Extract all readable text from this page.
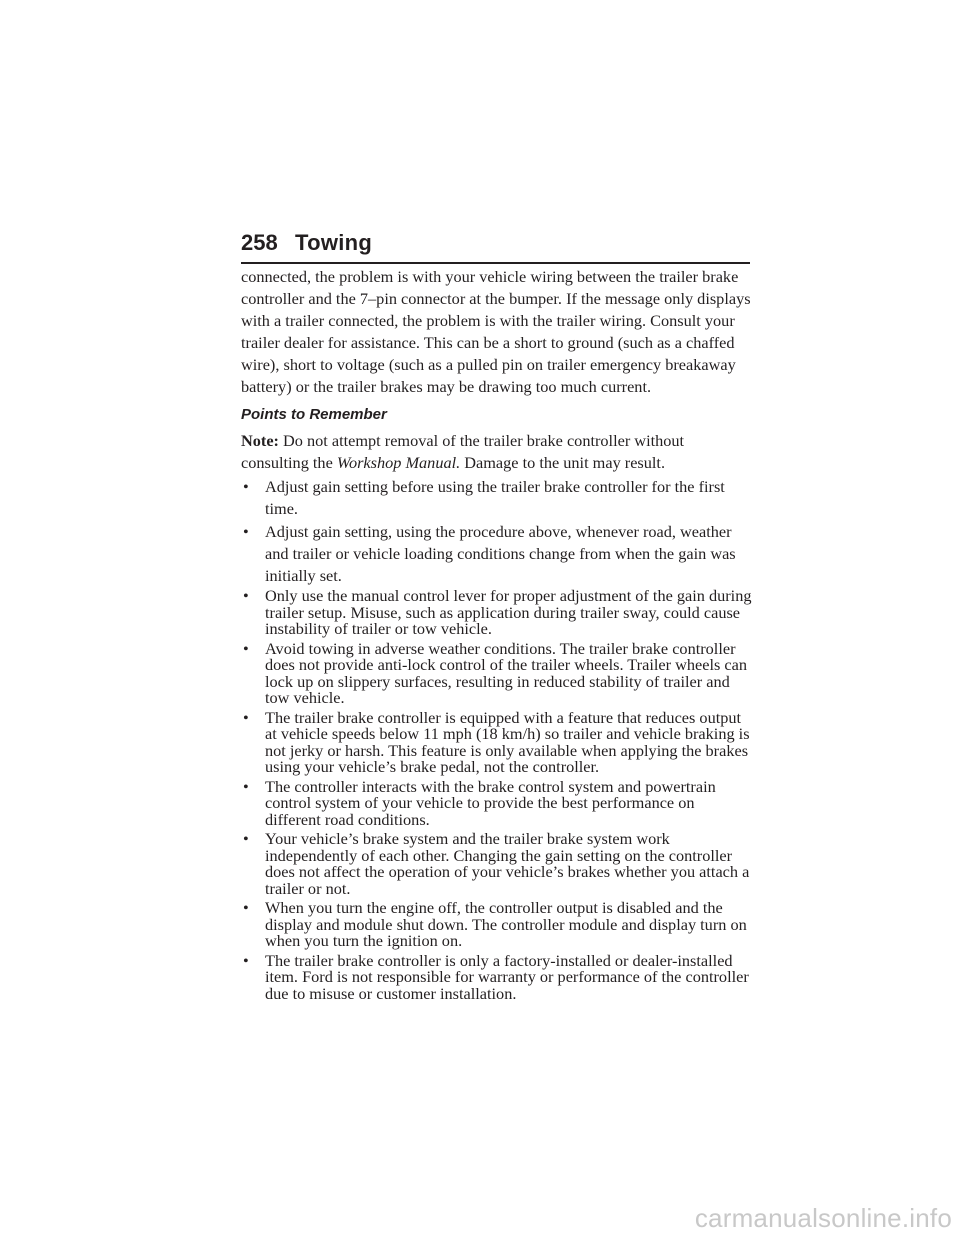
258 Towing

connected, the problem is with your vehicle wiring between the trailer brake controller and the 7–pin connector at the bumper. If the message only displays with a trailer connected, the problem is with the trailer wiring. Consult your trailer dealer for assistance. This can be a short to ground (such as a chaffed wire), short to voltage (such as a pulled pin on trailer emergency breakaway battery) or the trailer brakes may be drawing too much current.

Points to Remember

Note: Do not attempt removal of the trailer brake controller without consulting the Workshop Manual. Damage to the unit may result.

• Adjust gain setting before using the trailer brake controller for the first time.
• Adjust gain setting, using the procedure above, whenever road, weather and trailer or vehicle loading conditions change from when the gain was initially set.
• Only use the manual control lever for proper adjustment of the gain during trailer setup. Misuse, such as application during trailer sway, could cause instability of trailer or tow vehicle.
• Avoid towing in adverse weather conditions. The trailer brake controller does not provide anti-lock control of the trailer wheels. Trailer wheels can lock up on slippery surfaces, resulting in reduced stability of trailer and tow vehicle.
• The trailer brake controller is equipped with a feature that reduces output at vehicle speeds below 11 mph (18 km/h) so trailer and vehicle braking is not jerky or harsh. This feature is only available when applying the brakes using your vehicle’s brake pedal, not the controller.
• The controller interacts with the brake control system and powertrain control system of your vehicle to provide the best performance on different road conditions.
• Your vehicle’s brake system and the trailer brake system work independently of each other. Changing the gain setting on the controller does not affect the operation of your vehicle’s brakes whether you attach a trailer or not.
• When you turn the engine off, the controller output is disabled and the display and module shut down. The controller module and display turn on when you turn the ignition on.
• The trailer brake controller is only a factory-installed or dealer-installed item. Ford is not responsible for warranty or performance of the controller due to misuse or customer installation.
carmanualsonline.info
